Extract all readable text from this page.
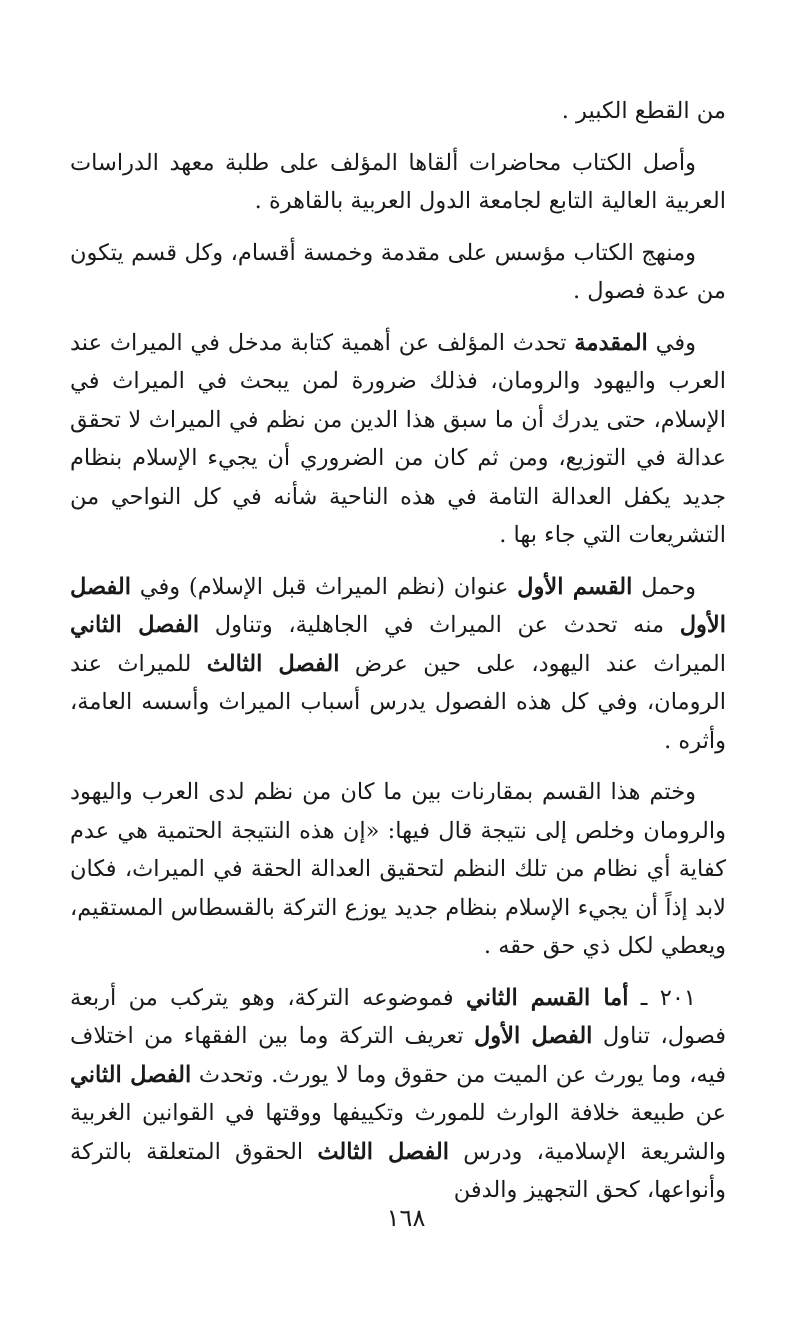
من القطع الكبير .

وأصل الكتاب محاضرات ألقاها المؤلف على طلبة معهد الدراسات العربية العالية التابع لجامعة الدول العربية بالقاهرة .

ومنهج الكتاب مؤسس على مقدمة وخمسة أقسام، وكل قسم يتكون من عدة فصول .

وفي المقدمة تحدث المؤلف عن أهمية كتابة مدخل في الميراث عند العرب واليهود والرومان، فذلك ضرورة لمن يبحث في الميراث في الإسلام، حتى يدرك أن ما سبق هذا الدين من نظم في الميراث لا تحقق عدالة في التوزيع، ومن ثم كان من الضروري أن يجيء الإسلام بنظام جديد يكفل العدالة التامة في هذه الناحية شأنه في كل النواحي من التشريعات التي جاء بها .

وحمل القسم الأول عنوان (نظم الميراث قبل الإسلام) وفي الفصل الأول منه تحدث عن الميراث في الجاهلية، وتناول الفصل الثاني الميراث عند اليهود، على حين عرض الفصل الثالث للميراث عند الرومان، وفي كل هذه الفصول يدرس أسباب الميراث وأسسه العامة، وأثره .

وختم هذا القسم بمقارنات بين ما كان من نظم لدى العرب واليهود والرومان وخلص إلى نتيجة قال فيها: «إن هذه النتيجة الحتمية هي عدم كفاية أي نظام من تلك النظم لتحقيق العدالة الحقة في الميراث، فكان لابد إذاً أن يجيء الإسلام بنظام جديد يوزع التركة بالقسطاس المستقيم، ويعطي لكل ذي حق حقه .

٢٠١ ـ أما القسم الثاني فموضوعه التركة، وهو يتركب من أربعة فصول، تناول الفصل الأول تعريف التركة وما بين الفقهاء من اختلاف فيه، وما يورث عن الميت من حقوق وما لا يورث. وتحدث الفصل الثاني عن طبيعة خلافة الوارث للمورث وتكييفها ووقتها في القوانين الغربية والشريعة الإسلامية، ودرس الفصل الثالث الحقوق المتعلقة بالتركة وأنواعها، كحق التجهيز والدفن

١٦٨
